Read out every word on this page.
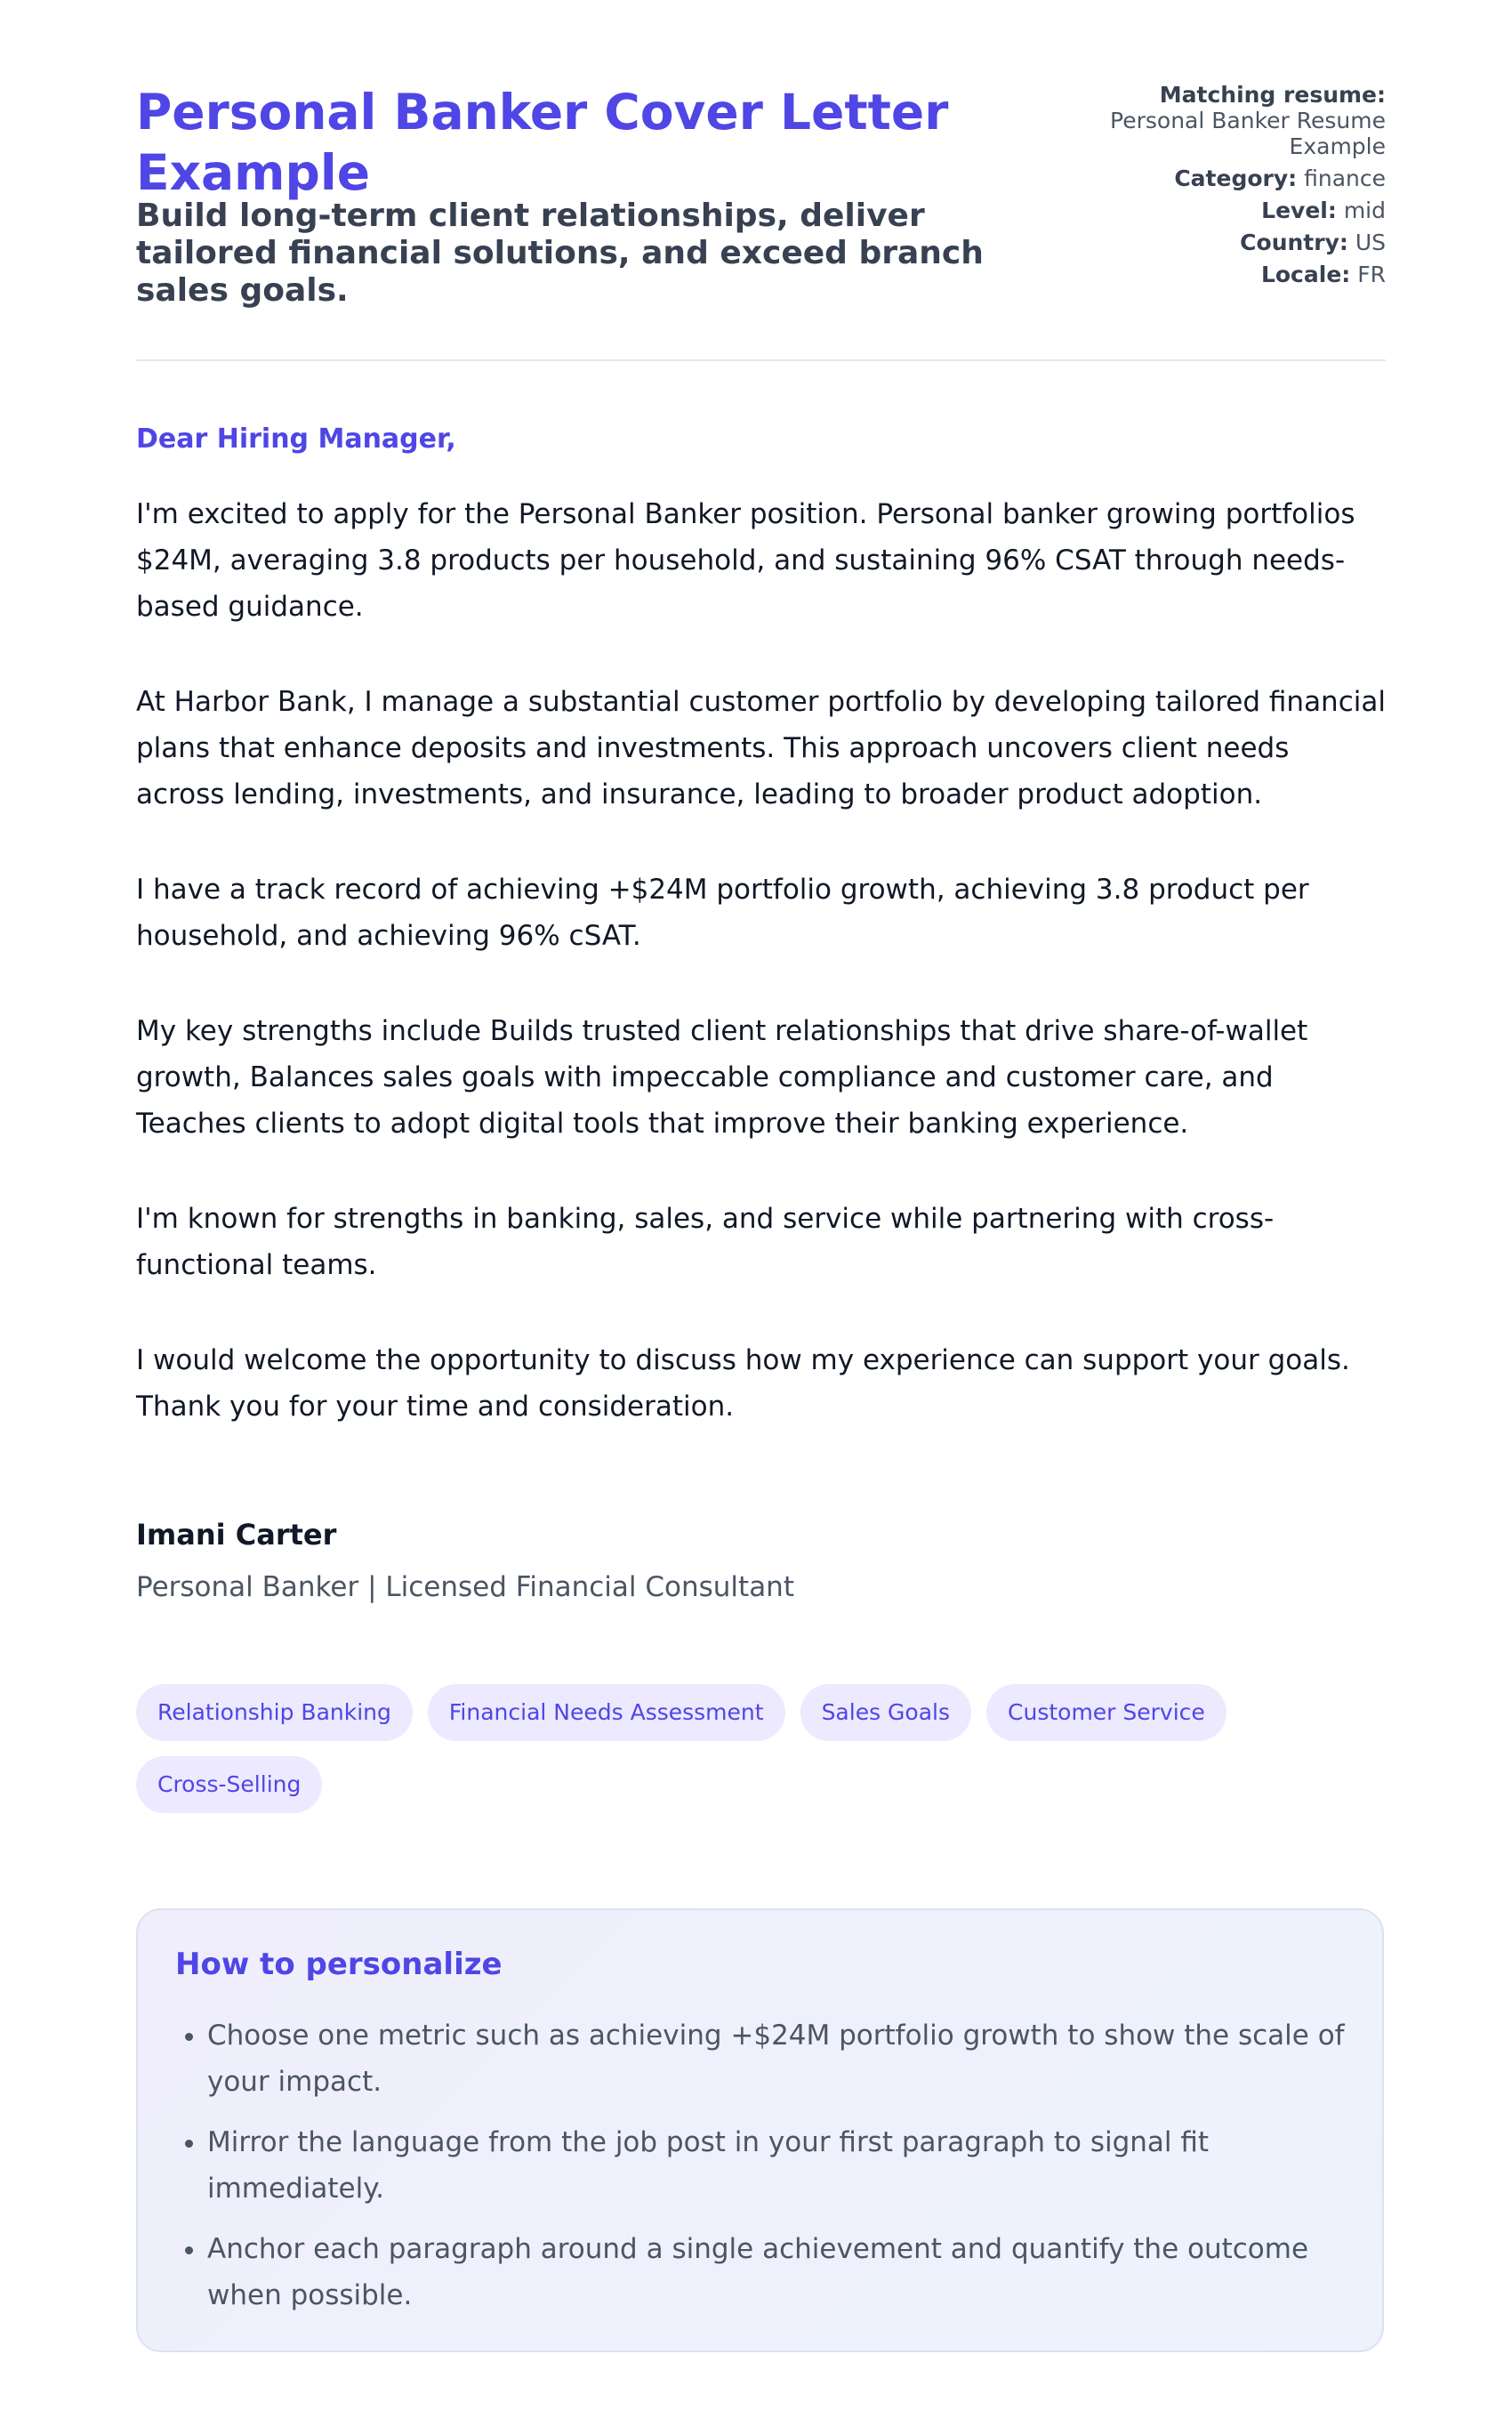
Personal Banker Cover Letter Example
Build long-term client relationships, deliver tailored financial solutions, and exceed branch sales goals.
Matching resume:
Personal Banker Resume Example
Category: finance
Level: mid
Country: US
Locale: FR

Dear Hiring Manager,

I'm excited to apply for the Personal Banker position. Personal banker growing portfolios $24M, averaging 3.8 products per household, and sustaining 96% CSAT through needs-based guidance.

At Harbor Bank, I manage a substantial customer portfolio by developing tailored financial plans that enhance deposits and investments. This approach uncovers client needs across lending, investments, and insurance, leading to broader product adoption.

I have a track record of achieving +$24M portfolio growth, achieving 3.8 product per household, and achieving 96% cSAT.

My key strengths include Builds trusted client relationships that drive share-of-wallet growth, Balances sales goals with impeccable compliance and customer care, and Teaches clients to adopt digital tools that improve their banking experience.

I'm known for strengths in banking, sales, and service while partnering with cross-functional teams.

I would welcome the opportunity to discuss how my experience can support your goals. Thank you for your time and consideration.

Imani Carter

Personal Banker | Licensed Financial Consultant

Relationship Banking	Financial Needs Assessment	Sales Goals	Customer Service
Cross-Selling
How to personalize
• Choose one metric such as achieving +$24M portfolio growth to show the scale of your impact.
• Mirror the language from the job post in your first paragraph to signal fit immediately.
• Anchor each paragraph around a single achievement and quantify the outcome when possible.
